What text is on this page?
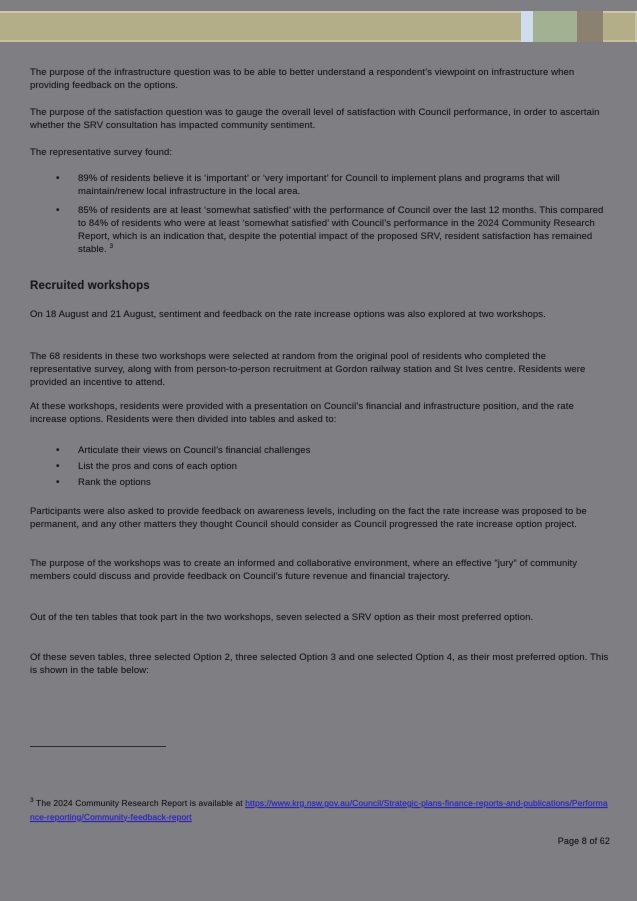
The purpose of the infrastructure question was to be able to better understand a respondent’s viewpoint on infrastructure when providing feedback on the options.

The purpose of the satisfaction question was to gauge the overall level of satisfaction with Council performance, in order to ascertain whether the SRV consultation has impacted community sentiment.

The representative survey found:

• 89% of residents believe it is ‘important’ or ‘very important’ for Council to implement plans and programs that will maintain/renew local infrastructure in the local area.
• 85% of residents are at least ‘somewhat satisfied’ with the performance of Council over the last 12 months. This compared to 84% of residents who were at least ‘somewhat satisfied’ with Council’s performance in the 2024 Community Research Report, which is an indication that, despite the potential impact of the proposed SRV, resident satisfaction has remained stable. $^3$
Recruited workshops

On 18 August and 21 August, sentiment and feedback on the rate increase options was also explored at two workshops.

The 68 residents in these two workshops were selected at random from the original pool of residents who completed the representative survey, along with from person-to-person recruitment at Gordon railway station and St Ives centre. Residents were provided an incentive to attend.

At these workshops, residents were provided with a presentation on Council’s financial and infrastructure position, and the rate increase options. Residents were then divided into tables and asked to:

• Articulate their views on Council’s financial challenges
• List the pros and cons of each option
• Rank the options

Participants were also asked to provide feedback on awareness levels, including on the fact the rate increase was proposed to be permanent, and any other matters they thought Council should consider as Council progressed the rate increase option project.

The purpose of the workshops was to create an informed and collaborative environment, where an effective “jury” of community members could discuss and provide feedback on Council’s future revenue and financial trajectory.

Out of the ten tables that took part in the two workshops, seven selected a SRV option as their most preferred option.

Of these seven tables, three selected Option 2, three selected Option 3 and one selected Option 4, as their most preferred option. This is shown in the table below:

$^3$ The 2024 Community Research Report is available at https://www.krg.nsw.gov.au/Council/Strategic-plans-finance-reports-and-publications/Performance-reporting/Community-feedback-report
Page 8 of 62
